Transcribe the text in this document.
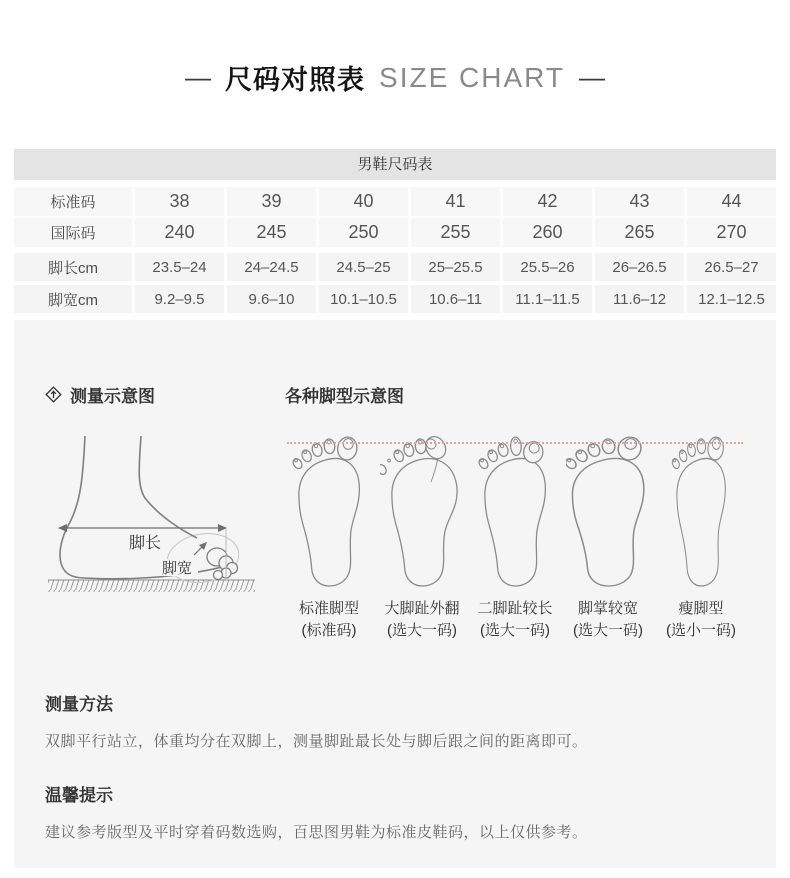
— 尺码对照表 SIZE CHART —
男鞋尺码表
标准码	38	39	40	41	42	43	44
国际码	240	245	250	255	260	265	270
脚长cm	23.5–24	24–24.5	24.5–25	25–25.5	25.5–26	26–26.5	26.5–27
脚宽cm	9.2–9.5	9.6–10	10.1–10.5	10.6–11	11.1–11.5	11.6–12	12.1–12.5
测量示意图
脚长
脚宽
各种脚型示意图
标准脚型
(标准码)
大脚趾外翻
(选大一码)
二脚趾较长
(选大一码)
脚掌较宽
(选大一码)
瘦脚型
(选小一码)
测量方法

双脚平行站立，体重均分在双脚上，测量脚趾最长处与脚后跟之间的距离即可。

温馨提示

建议参考版型及平时穿着码数选购，百思图男鞋为标准皮鞋码，以上仅供参考。
